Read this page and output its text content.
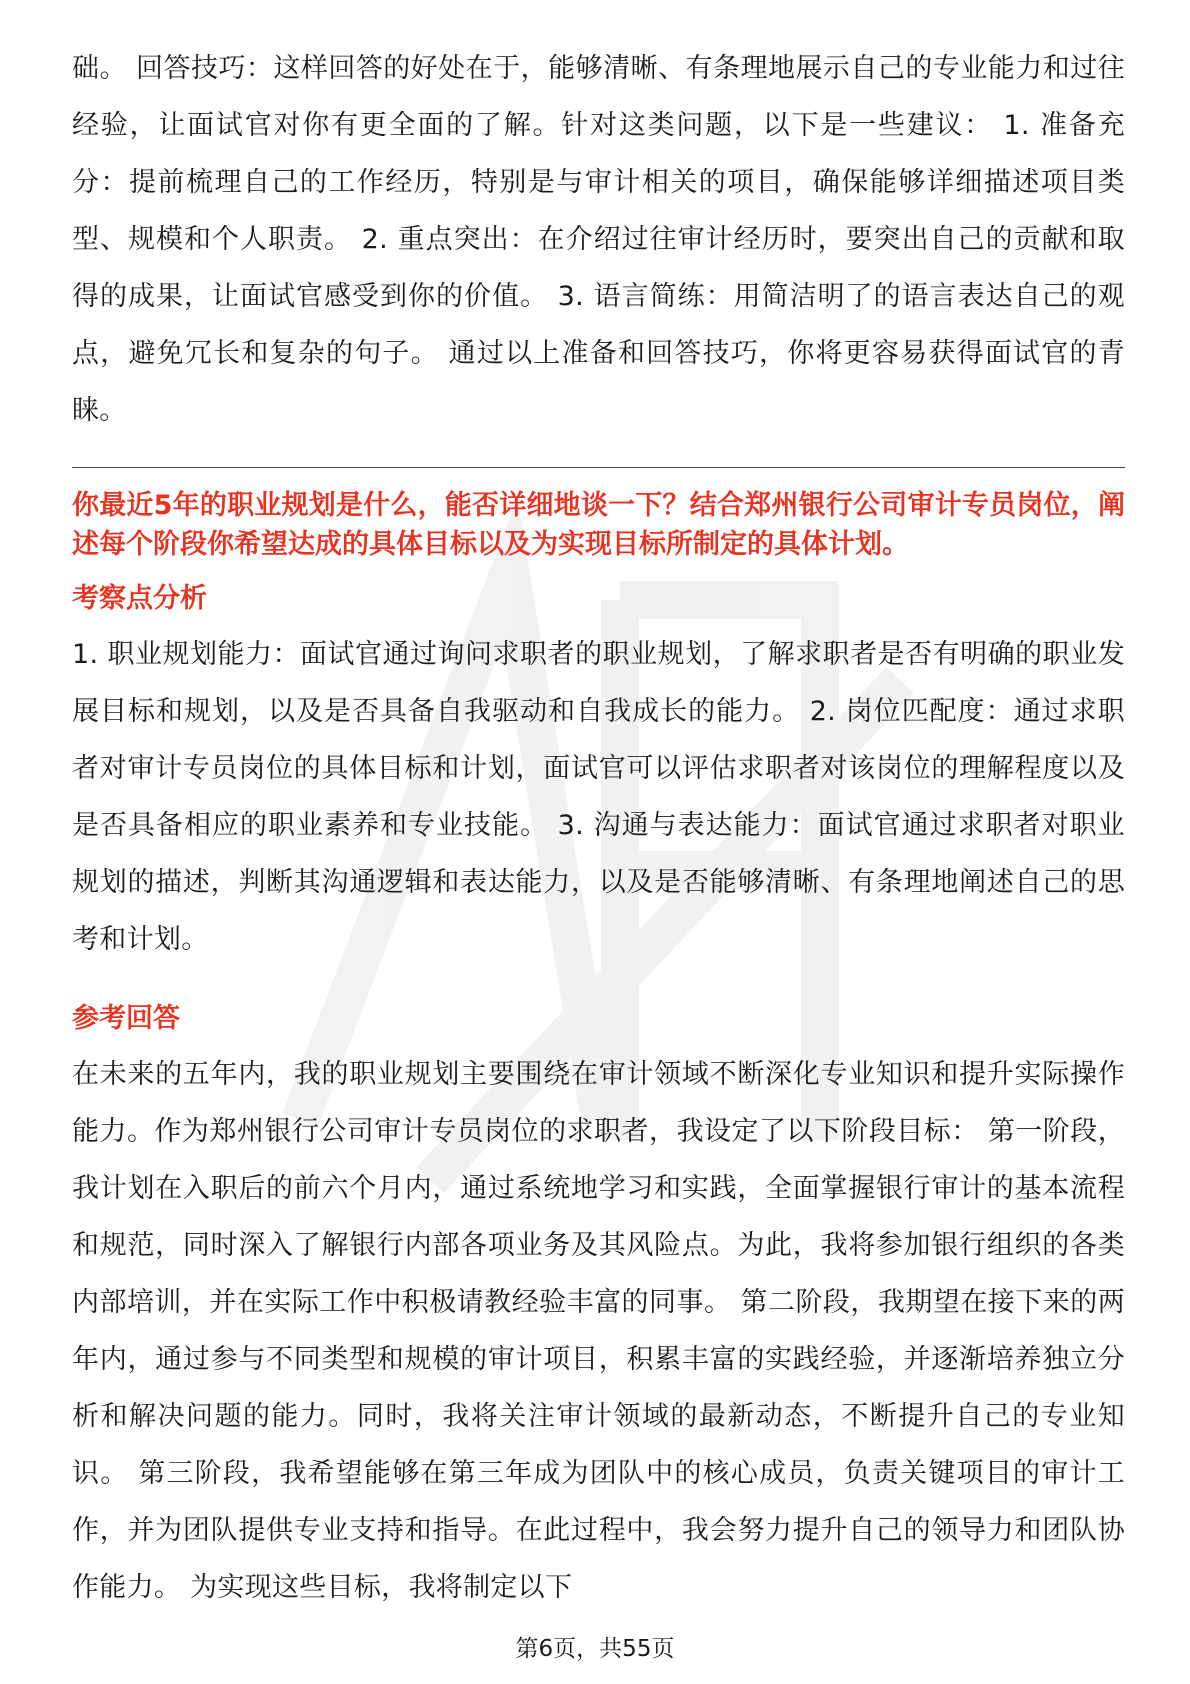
础。 回答技巧：这样回答的好处在于，能够清晰、有条理地展示自己的专业能力和过往经验，让面试官对你有更全面的了解。针对这类问题，以下是一些建议： 1. 准备充分：提前梳理自己的工作经历，特别是与审计相关的项目，确保能够详细描述项目类型、规模和个人职责。 2. 重点突出：在介绍过往审计经历时，要突出自己的贡献和取得的成果，让面试官感受到你的价值。 3. 语言简练：用简洁明了的语言表达自己的观点，避免冗长和复杂的句子。 通过以上准备和回答技巧，你将更容易获得面试官的青睐。

你最近5年的职业规划是什么，能否详细地谈一下？结合郑州银行公司审计专员岗位，阐述每个阶段你希望达成的具体目标以及为实现目标所制定的具体计划。

考察点分析

1. 职业规划能力：面试官通过询问求职者的职业规划，了解求职者是否有明确的职业发展目标和规划，以及是否具备自我驱动和自我成长的能力。 2. 岗位匹配度：通过求职者对审计专员岗位的具体目标和计划，面试官可以评估求职者对该岗位的理解程度以及是否具备相应的职业素养和专业技能。 3. 沟通与表达能力：面试官通过求职者对职业规划的描述，判断其沟通逻辑和表达能力，以及是否能够清晰、有条理地阐述自己的思考和计划。

参考回答

在未来的五年内，我的职业规划主要围绕在审计领域不断深化专业知识和提升实际操作能力。作为郑州银行公司审计专员岗位的求职者，我设定了以下阶段目标： 第一阶段，我计划在入职后的前六个月内，通过系统地学习和实践，全面掌握银行审计的基本流程和规范，同时深入了解银行内部各项业务及其风险点。为此，我将参加银行组织的各类内部培训，并在实际工作中积极请教经验丰富的同事。 第二阶段，我期望在接下来的两年内，通过参与不同类型和规模的审计项目，积累丰富的实践经验，并逐渐培养独立分析和解决问题的能力。同时，我将关注审计领域的最新动态，不断提升自己的专业知识。 第三阶段，我希望能够在第三年成为团队中的核心成员，负责关键项目的审计工作，并为团队提供专业支持和指导。在此过程中，我会努力提升自己的领导力和团队协作能力。 为实现这些目标，我将制定以下

第6页，共55页
